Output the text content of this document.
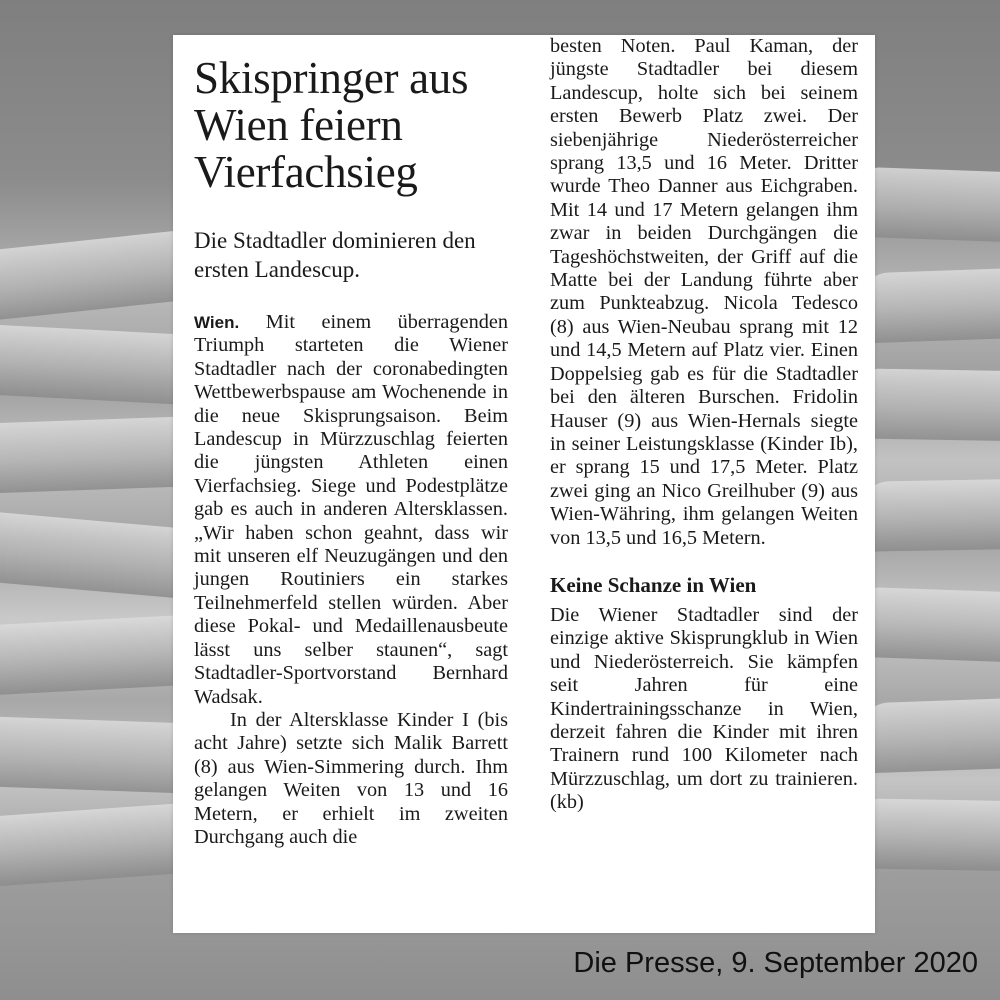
Skispringer aus Wien feiern Vierfachsieg

Die Stadtadler dominieren den ersten Landescup.

Wien. Mit einem überragenden Triumph starteten die Wiener Stadtadler nach der coronabedingten Wettbewerbspause am Wochenende in die neue Skisprungsaison. Beim Landescup in Mürzzuschlag feierten die jüngsten Athleten einen Vierfachsieg. Siege und Podestplätze gab es auch in anderen Altersklassen. „Wir haben schon geahnt, dass wir mit unseren elf Neuzugängen und den jungen Routiniers ein starkes Teilnehmerfeld stellen würden. Aber diese Pokal- und Medaillenausbeute lässt uns selber staunen“, sagt Stadtadler-Sportvorstand Bernhard Wadsak.

In der Altersklasse Kinder I (bis acht Jahre) setzte sich Malik Barrett (8) aus Wien-Simmering durch. Ihm gelangen Weiten von 13 und 16 Metern, er erhielt im zweiten Durchgang auch die

besten Noten. Paul Kaman, der jüngste Stadtadler bei diesem Landescup, holte sich bei seinem ersten Bewerb Platz zwei. Der siebenjährige Niederösterreicher sprang 13,5 und 16 Meter. Dritter wurde Theo Danner aus Eichgraben. Mit 14 und 17 Metern gelangen ihm zwar in beiden Durchgängen die Tageshöchstweiten, der Griff auf die Matte bei der Landung führte aber zum Punkteabzug. Nicola Tedesco (8) aus Wien-Neubau sprang mit 12 und 14,5 Metern auf Platz vier. Einen Doppelsieg gab es für die Stadtadler bei den älteren Burschen. Fridolin Hauser (9) aus Wien-Hernals siegte in seiner Leistungsklasse (Kinder Ib), er sprang 15 und 17,5 Meter. Platz zwei ging an Nico Greilhuber (9) aus Wien-Währing, ihm gelangen Weiten von 13,5 und 16,5 Metern.

Keine Schanze in Wien

Die Wiener Stadtadler sind der einzige aktive Skisprungklub in Wien und Niederösterreich. Sie kämpfen seit Jahren für eine Kindertrainingsschanze in Wien, derzeit fahren die Kinder mit ihren Trainern rund 100 Kilometer nach Mürzzuschlag, um dort zu trainieren. (kb)

Die Presse, 9. September 2020
